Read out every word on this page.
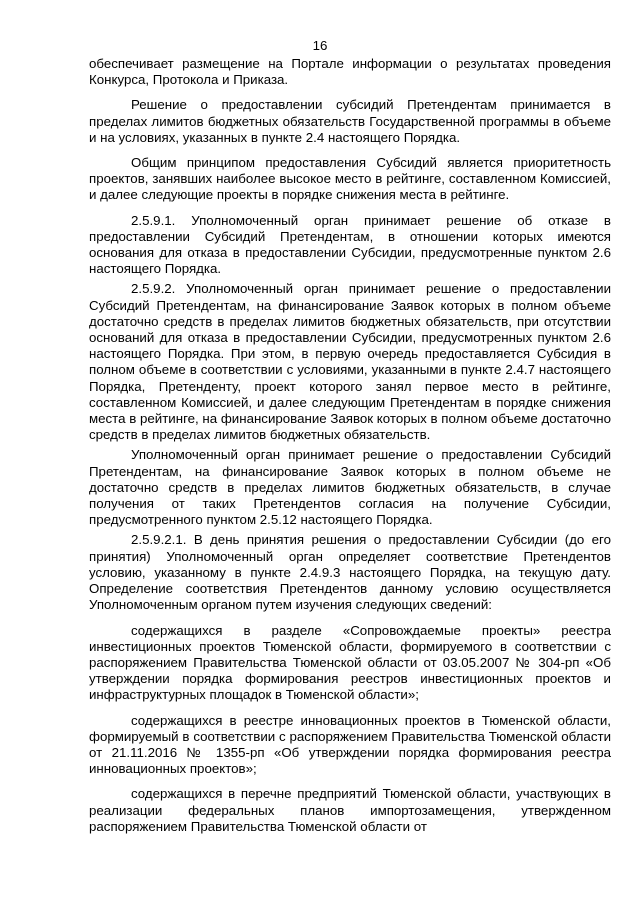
16

обеспечивает размещение на Портале информации о результатах проведения Конкурса, Протокола и Приказа.

Решение о предоставлении субсидий Претендентам принимается в пределах лимитов бюджетных обязательств Государственной программы в объеме и на условиях, указанных в пункте 2.4 настоящего Порядка.

Общим принципом предоставления Субсидий является приоритетность проектов, занявших наиболее высокое место в рейтинге, составленном Комиссией, и далее следующие проекты в порядке снижения места в рейтинге.

2.5.9.1. Уполномоченный орган принимает решение об отказе в предоставлении Субсидий Претендентам, в отношении которых имеются основания для отказа в предоставлении Субсидии, предусмотренные пунктом 2.6 настоящего Порядка.

2.5.9.2. Уполномоченный орган принимает решение о предоставлении Субсидий Претендентам, на финансирование Заявок которых в полном объеме достаточно средств в пределах лимитов бюджетных обязательств, при отсутствии оснований для отказа в предоставлении Субсидии, предусмотренных пунктом 2.6 настоящего Порядка. При этом, в первую очередь предоставляется Субсидия в полном объеме в соответствии с условиями, указанными в пункте 2.4.7 настоящего Порядка, Претенденту, проект которого занял первое место в рейтинге, составленном Комиссией, и далее следующим Претендентам в порядке снижения места в рейтинге, на финансирование Заявок которых в полном объеме достаточно средств в пределах лимитов бюджетных обязательств.

Уполномоченный орган принимает решение о предоставлении Субсидий Претендентам, на финансирование Заявок которых в полном объеме не достаточно средств в пределах лимитов бюджетных обязательств, в случае получения от таких Претендентов согласия на получение Субсидии, предусмотренного пунктом 2.5.12 настоящего Порядка.

2.5.9.2.1. В день принятия решения о предоставлении Субсидии (до его принятия) Уполномоченный орган определяет соответствие Претендентов условию, указанному в пункте 2.4.9.3 настоящего Порядка, на текущую дату. Определение соответствия Претендентов данному условию осуществляется Уполномоченным органом путем изучения следующих сведений:

содержащихся в разделе «Сопровождаемые проекты» реестра инвестиционных проектов Тюменской области, формируемого в соответствии с распоряжением Правительства Тюменской области от 03.05.2007 № 304-рп «Об утверждении порядка формирования реестров инвестиционных проектов и инфраструктурных площадок в Тюменской области»;

содержащихся в реестре инновационных проектов в Тюменской области, формируемый в соответствии с распоряжением Правительства Тюменской области от 21.11.2016 № 1355-рп «Об утверждении порядка формирования реестра инновационных проектов»;

содержащихся в перечне предприятий Тюменской области, участвующих в реализации федеральных планов импортозамещения, утвержденном распоряжением Правительства Тюменской области от
